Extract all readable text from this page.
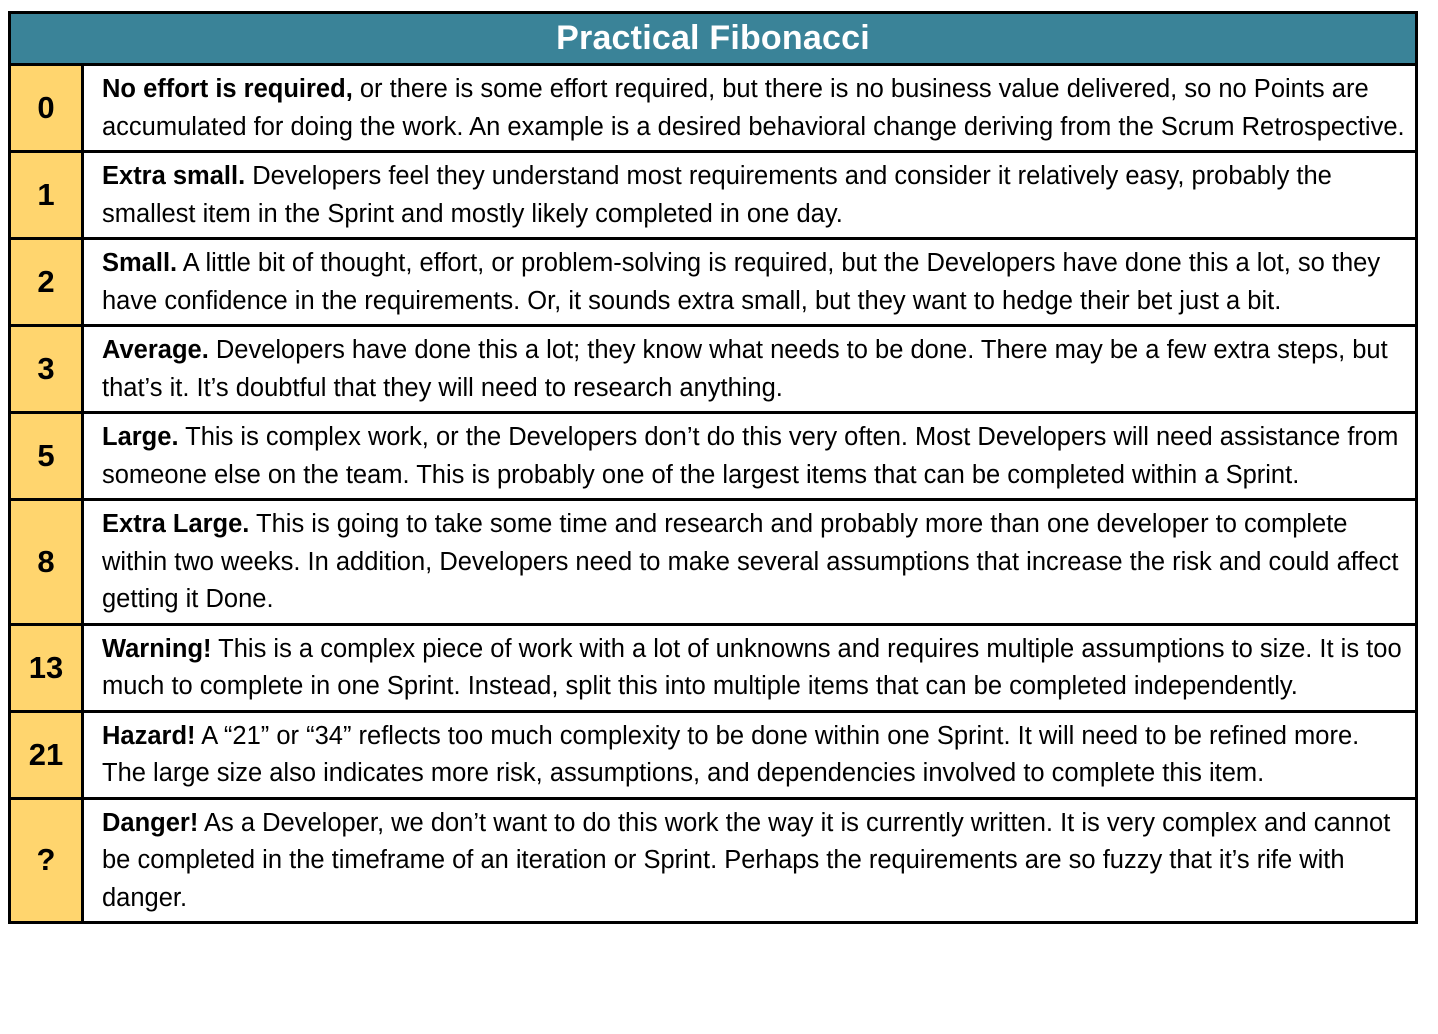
Practical Fibonacci
0
No effort is required, or there is some effort required, but there is no business value delivered, so no Points are accumulated for doing the work. An example is a desired behavioral change deriving from the Scrum Retrospective.
1
Extra small. Developers feel they understand most requirements and consider it relatively easy, probably the smallest item in the Sprint and mostly likely completed in one day.
2
Small. A little bit of thought, effort, or problem-solving is required, but the Developers have done this a lot, so they have confidence in the requirements. Or, it sounds extra small, but they want to hedge their bet just a bit.
3
Average. Developers have done this a lot; they know what needs to be done. There may be a few extra steps, but that’s it. It’s doubtful that they will need to research anything.
5
Large. This is complex work, or the Developers don’t do this very often. Most Developers will need assistance from someone else on the team. This is probably one of the largest items that can be completed within a Sprint.
8
Extra Large. This is going to take some time and research and probably more than one developer to complete within two weeks. In addition, Developers need to make several assumptions that increase the risk and could affect getting it Done.
13
Warning! This is a complex piece of work with a lot of unknowns and requires multiple assumptions to size. It is too much to complete in one Sprint. Instead, split this into multiple items that can be completed independently.
21
Hazard! A “21” or “34” reflects too much complexity to be done within one Sprint. It will need to be refined more. The large size also indicates more risk, assumptions, and dependencies involved to complete this item.
?
Danger! As a Developer, we don’t want to do this work the way it is currently written. It is very complex and cannot be completed in the timeframe of an iteration or Sprint. Perhaps the requirements are so fuzzy that it’s rife with danger.
